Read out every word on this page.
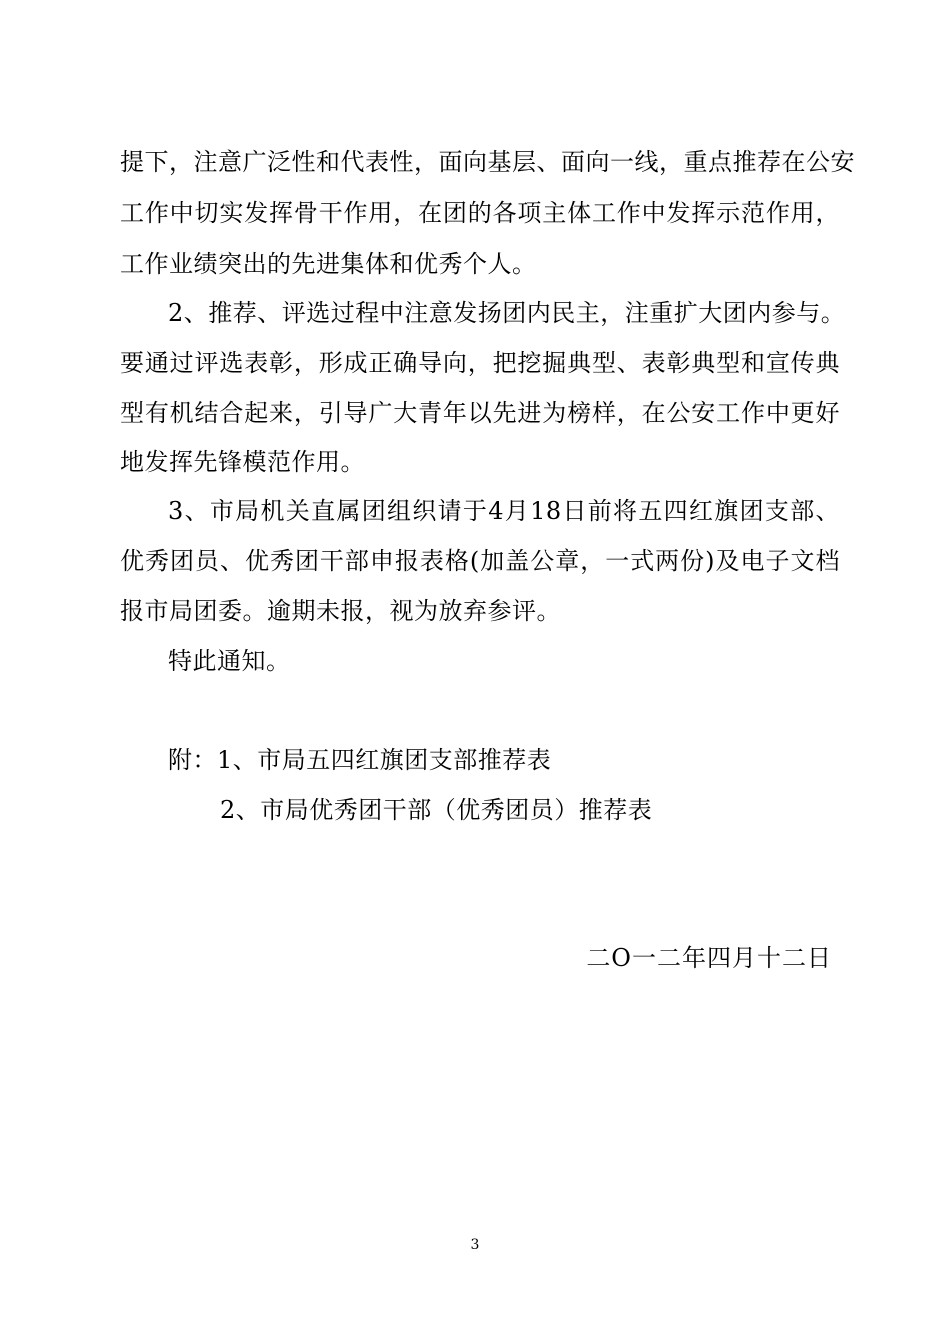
提下，注意广泛性和代表性，面向基层、面向一线，重点推荐在公安
工作中切实发挥骨干作用，在团的各项主体工作中发挥示范作用，
工作业绩突出的先进集体和优秀个人。
2、推荐、评选过程中注意发扬团内民主，注重扩大团内参与。
要通过评选表彰，形成正确导向，把挖掘典型、表彰典型和宣传典
型有机结合起来，引导广大青年以先进为榜样，在公安工作中更好
地发挥先锋模范作用。
3、市局机关直属团组织请于4月18日前将五四红旗团支部、
优秀团员、优秀团干部申报表格(加盖公章，一式两份)及电子文档
报市局团委。逾期未报，视为放弃参评。
特此通知。
附：1、市局五四红旗团支部推荐表
2、市局优秀团干部（优秀团员）推荐表
二O一二年四月十二日
3
